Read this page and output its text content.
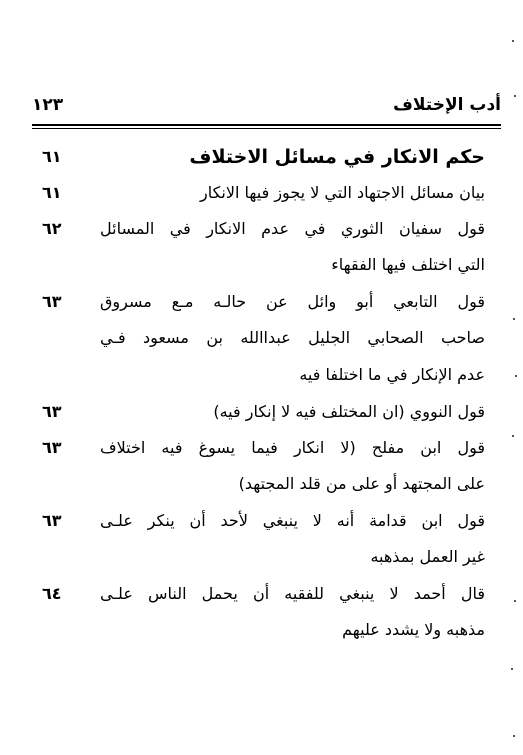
أدب الإختلاف
١٢٣
حكم الانكار في مسائل الاختلاف
٦١
بيان مسائل الاجتهاد التي لا يجوز فيها الانكار
٦١
قول سفيان الثوري في عدم الانكار في المسائل
٦٢
التي اختلف فيها الفقهاء
قول التابعي أبو وائل عن حالـه مـع مسروق
٦٣
صاحب الصحابي الجليل عبداالله بن مسعود فـي
عدم الإنكار في ما اختلفا فيه
قول النووي (ان المختلف فيه لا إنكار فيه)
٦٣
قول ابن مفلح (لا انكار فيما يسوغ فيه اختلاف
٦٣
على المجتهد أو على من قلد المجتهد)
قول ابن قدامة أنه لا ينبغي لأحد أن ينكر علـى
٦٣
غير العمل بمذهبه
قال أحمد لا ينبغي للفقيه أن يحمل الناس علـى
٦٤
مذهبه ولا يشدد عليهم
